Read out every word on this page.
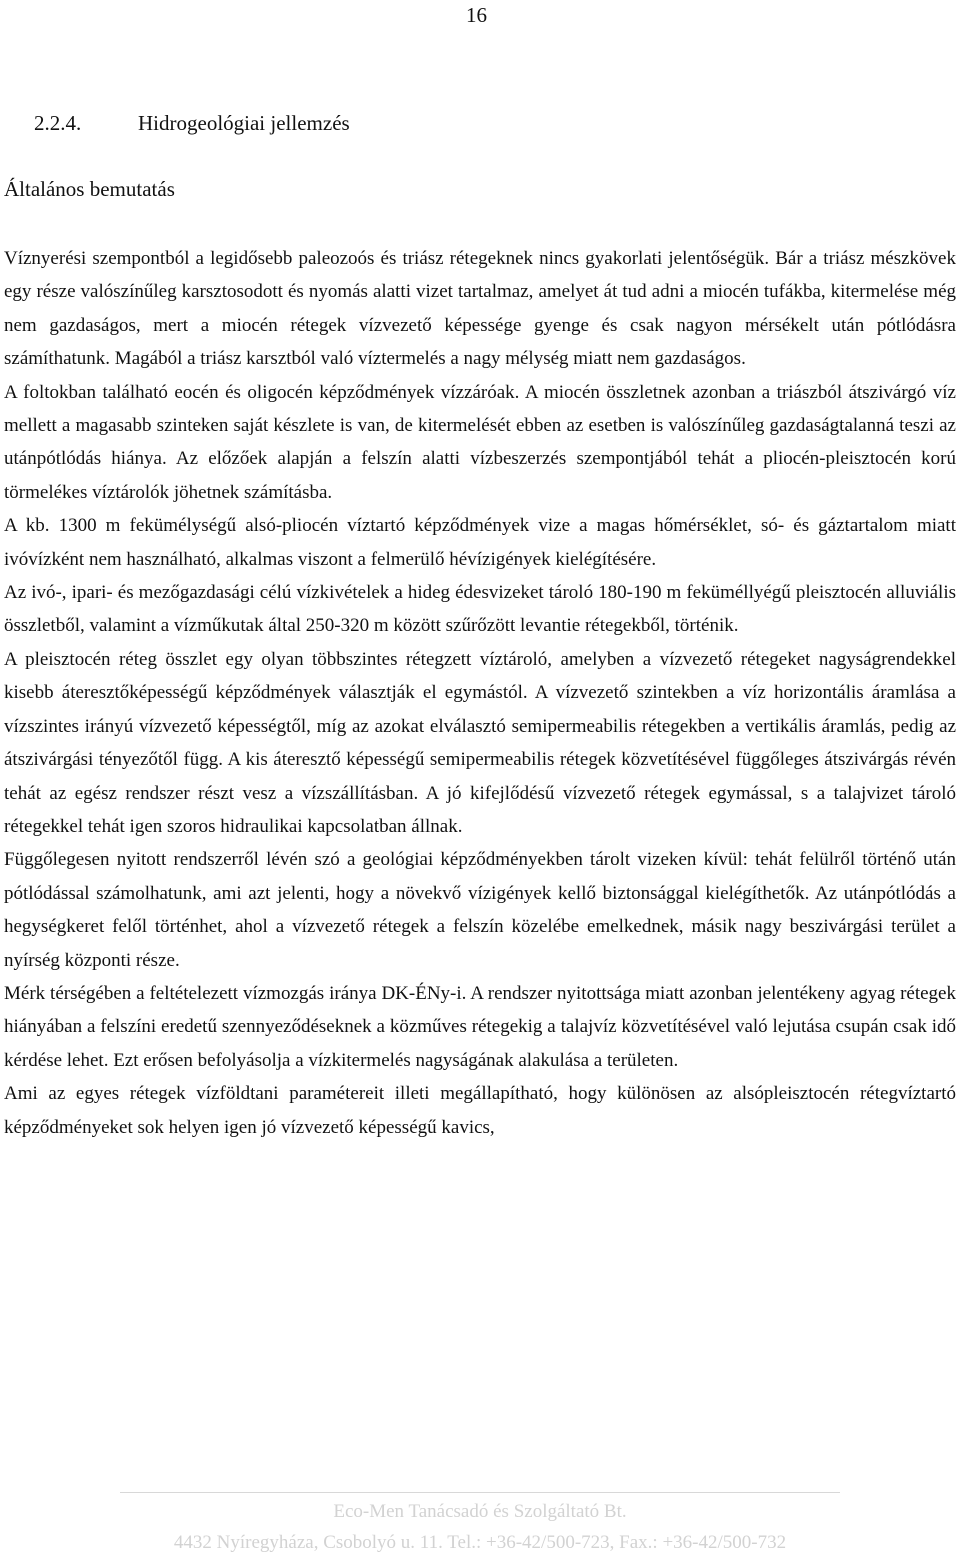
16
2.2.4.	Hidrogeológiai jellemzés
Általános bemutatás

Víznyerési szempontból a legidősebb paleozoós és triász rétegeknek nincs gyakorlati jelentőségük. Bár a triász mészkövek egy része valószínűleg karsztosodott és nyomás alatti vizet tartalmaz, amelyet át tud adni a miocén tufákba, kitermelése még nem gazdaságos, mert a miocén rétegek vízvezető képessége gyenge és csak nagyon mérsékelt után pótlódásra számíthatunk. Magából a triász karsztból való víztermelés a nagy mélység miatt nem gazdaságos.

A foltokban található eocén és oligocén képződmények vízzáróak. A miocén összletnek azonban a triászból átszivárgó víz mellett a magasabb szinteken saját készlete is van, de kitermelését ebben az esetben is valószínűleg gazdaságtalanná teszi az utánpótlódás hiánya. Az előzőek alapján a felszín alatti vízbeszerzés szempontjából tehát a pliocén-pleisztocén korú törmelékes víztárolók jöhetnek számításba.

A kb. 1300 m fekümélységű alsó-pliocén víztartó képződmények vize a magas hőmérséklet, só- és gáztartalom miatt ivóvízként nem használható, alkalmas viszont a felmerülő hévízigények kielégítésére.

Az ivó-, ipari- és mezőgazdasági célú vízkivételek a hideg édesvizeket tároló 180-190 m feküméllyégű pleisztocén alluviális összletből, valamint a vízműkutak által 250-320 m között szűrőzött levantie rétegekből, történik.

A pleisztocén réteg összlet egy olyan többszintes rétegzett víztároló, amelyben a vízvezető rétegeket nagyságrendekkel kisebb áteresztőképességű képződmények választják el egymástól. A vízvezető szintekben a víz horizontális áramlása a vízszintes irányú vízvezető képességtől, míg az azokat elválasztó semipermeabilis rétegekben a vertikális áramlás, pedig az átszivárgási tényezőtől függ. A kis áteresztő képességű semipermeabilis rétegek közvetítésével függőleges átszivárgás révén tehát az egész rendszer részt vesz a vízszállításban. A jó kifejlődésű vízvezető rétegek egymással, s a talajvizet tároló rétegekkel tehát igen szoros hidraulikai kapcsolatban állnak.

Függőlegesen nyitott rendszerről lévén szó a geológiai képződményekben tárolt vizeken kívül: tehát felülről történő után pótlódással számolhatunk, ami azt jelenti, hogy a növekvő vízigények kellő biztonsággal kielégíthetők. Az utánpótlódás a hegységkeret felől történhet, ahol a vízvezető rétegek a felszín közelébe emelkednek, másik nagy beszivárgási terület a nyírség központi része.

Mérk térségében a feltételezett vízmozgás iránya DK-ÉNy-i. A rendszer nyitottsága miatt azonban jelentékeny agyag rétegek hiányában a felszíni eredetű szennyeződéseknek a közműves rétegekig a talajvíz közvetítésével való lejutása csupán csak idő kérdése lehet. Ezt erősen befolyásolja a vízkitermelés nagyságának alakulása a területen.

Ami az egyes rétegek vízföldtani paramétereit illeti megállapítható, hogy különösen az alsópleisztocén rétegvíztartó képződményeket sok helyen igen jó vízvezető képességű kavics,

Eco-Men Tanácsadó és Szolgáltató Bt.
4432 Nyíregyháza, Csobolyó u. 11. Tel.: +36-42/500-723, Fax.: +36-42/500-732
